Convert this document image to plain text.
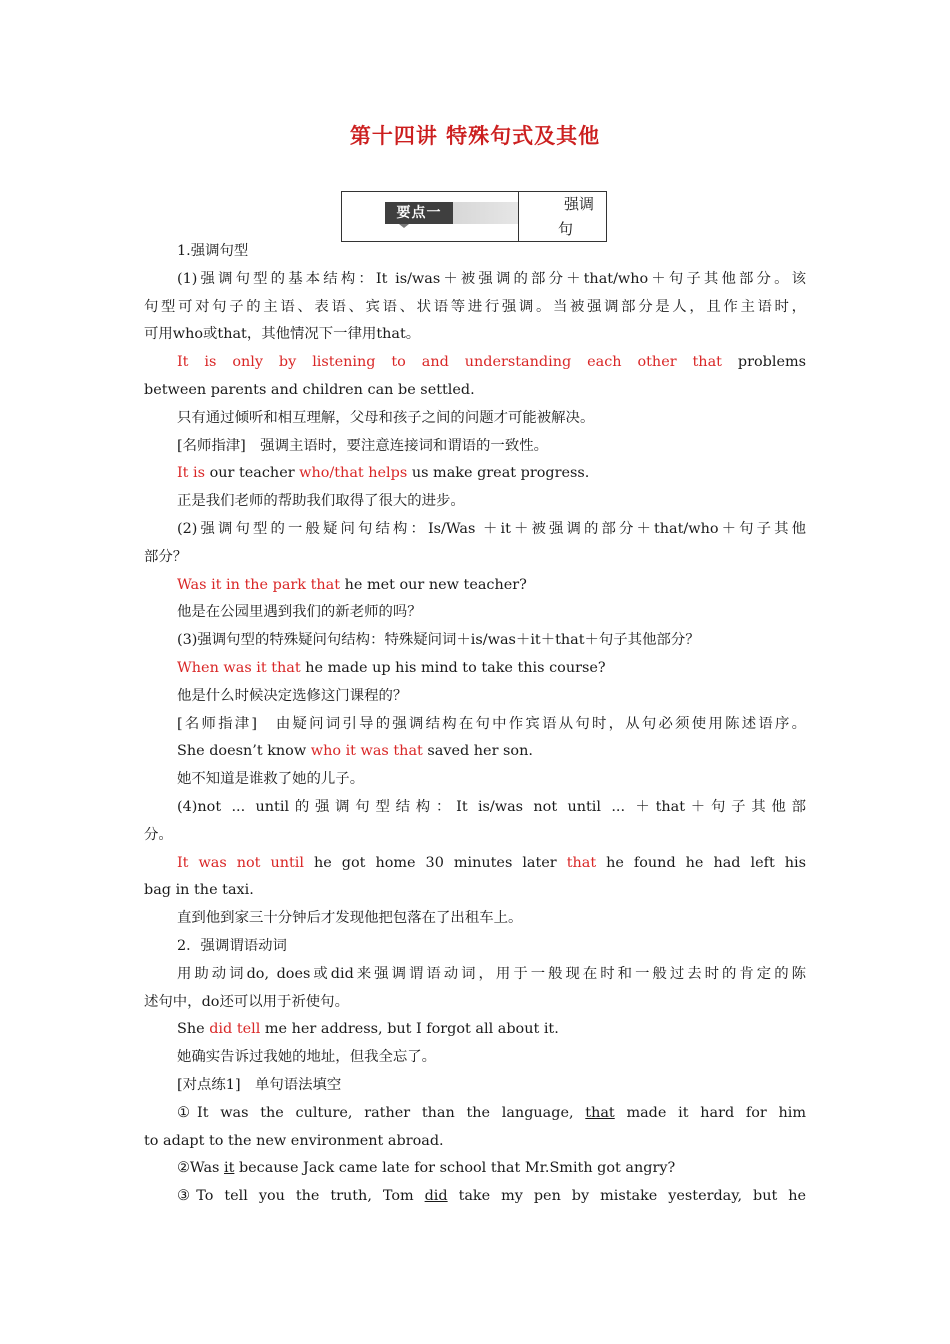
第十四讲 特殊句式及其他
要点一	强调
句

1.强调句型

(1)强调句型的基本结构：It is/was＋被强调的部分＋that/who＋句子其他部分。该

句型可对句子的主语、表语、宾语、状语等进行强调。当被强调部分是人，且作主语时，

可用who或that，其他情况下一律用that。

It is only by listening to and understanding each other that problems

between parents and children can be settled.

只有通过倾听和相互理解，父母和孩子之间的问题才可能被解决。

[名师指津]　强调主语时，要注意连接词和谓语的一致性。

It is our teacher who/that helps us make great progress.

正是我们老师的帮助我们取得了很大的进步。

(2)强调句型的一般疑问句结构：Is/Was ＋it＋被强调的部分＋that/who＋句子其他

部分？

Was it in the park that he met our new teacher?

他是在公园里遇到我们的新老师的吗？

(3)强调句型的特殊疑问句结构：特殊疑问词＋is/was＋it＋that＋句子其他部分？

When was it that he made up his mind to take this course?

他是什么时候决定选修这门课程的？

[名师指津]　由疑问词引导的强调结构在句中作宾语从句时，从句必须使用陈述语序。

She doesn’t know who it was that saved her son.

她不知道是谁救了她的儿子。

(4)not ... until的强调句型结构：It is/was not until ... ＋that＋句子其他部

分。

It was not until he got home 30 minutes later that he found he had left his

bag in the taxi.

直到他到家三十分钟后才发现他把包落在了出租车上。

2．强调谓语动词

用助动词do, does或did来强调谓语动词，用于一般现在时和一般过去时的肯定的陈

述句中，do还可以用于祈使句。

She did tell me her address, but I forgot all about it.

她确实告诉过我她的地址，但我全忘了。

[对点练1]　单句语法填空

①It was the culture, rather than the language, that made it hard for him

to adapt to the new environment abroad.

②Was it because Jack came late for school that Mr.Smith got angry?

③To tell you the truth, Tom did take my pen by mistake yesterday, but he
